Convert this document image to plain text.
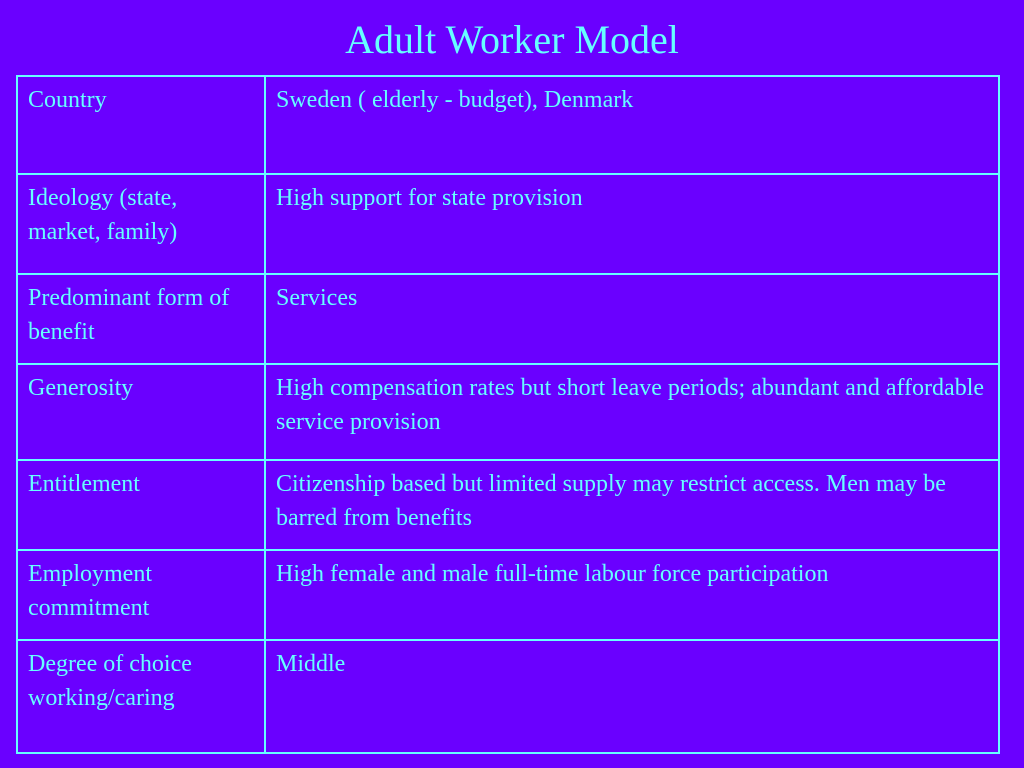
Adult Worker Model
Country	Sweden ( elderly - budget), Denmark
Ideology (state, market, family)	High support for state provision
Predominant form of benefit	Services
Generosity	High compensation rates but short leave periods; abundant and affordable service provision
Entitlement	Citizenship based but limited supply may restrict access. Men may be barred from benefits
Employment commitment	High female and male full-time labour force participation
Degree of choice working/caring	Middle
